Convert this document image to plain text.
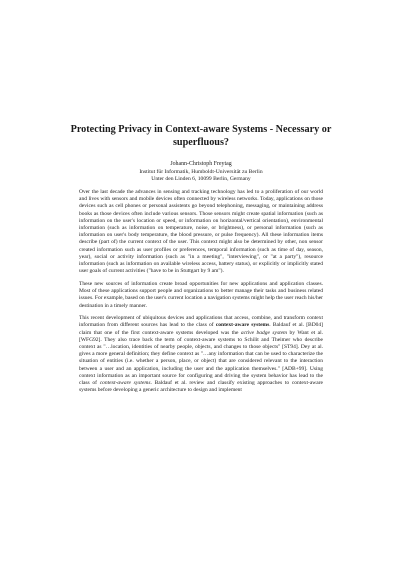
Protecting Privacy in Context-aware Systems - Necessary or superfluous?
Johann-Christoph Freytag
Institut für Informatik, Humboldt-Universität zu Berlin
Unter den Linden 6, 10099 Berlin, Germany

Over the last decade the advances in sensing and tracking technology has led to a proliferation of our world and lives with sensors and mobile devices often connected by wireless networks. Today, applications on those devices such as cell phones or personal assistents go beyond telephoning, messaging, or maintaining address books as those devices often include various sensors. Those sensors might create spatial information (such as information on the user's location or speed, or information on horizontal/vertical orientation), environmental information (such as information on temperature, noise, or brightness), or personal information (such as information on user's body temperature, the blood pressure, or pulse frequency). All these information items describe (part of) the current context of the user. This context might also be determined by other, non sensor created information such as user profiles or preferences, temporal information (such as time of day, season, year), social or activity information (such as "in a meeting", "interviewing", or "at a party"), resource information (such as information on available wireless access, battery status), or explicitly or implicitly stated user goals of current activities ("have to be in Stuttgart by 9 am").

These new sources of information create broad opportunities for new applications and application classes. Most of these applications support people and organizations to better manage their tasks and business related issues. For example, based on the user's current location a navigation systems might help the user reach his/her destination in a timely manner.

This recent development of ubiquitous devices and applications that access, combine, and transform context information from different sources has lead to the class of context-aware systems. Baldauf et al. [BD04] claim that one of the first context-aware systems developed was the active badge system by Want et al. [WFG92]. They also trace back the term of context-aware systems to Schilit and Theimer who describe context as "…location, identities of nearby people, objects, and changes to those objects" [ST94]. Dey at al. gives a more general definition; they define context as "…any information that can be used to characterize the situation of entities (i.e. whether a person, place, or object) that are considered relevant to the interaction between a user and an application, including the user and the application themselves." [ADB+99]. Using context information as an important source for configuring and driving the system behavior has lead to the class of context-aware systems. Baldauf et al. review and classify existing approaches to context-aware systems before developing a generic architecture to design and implement
